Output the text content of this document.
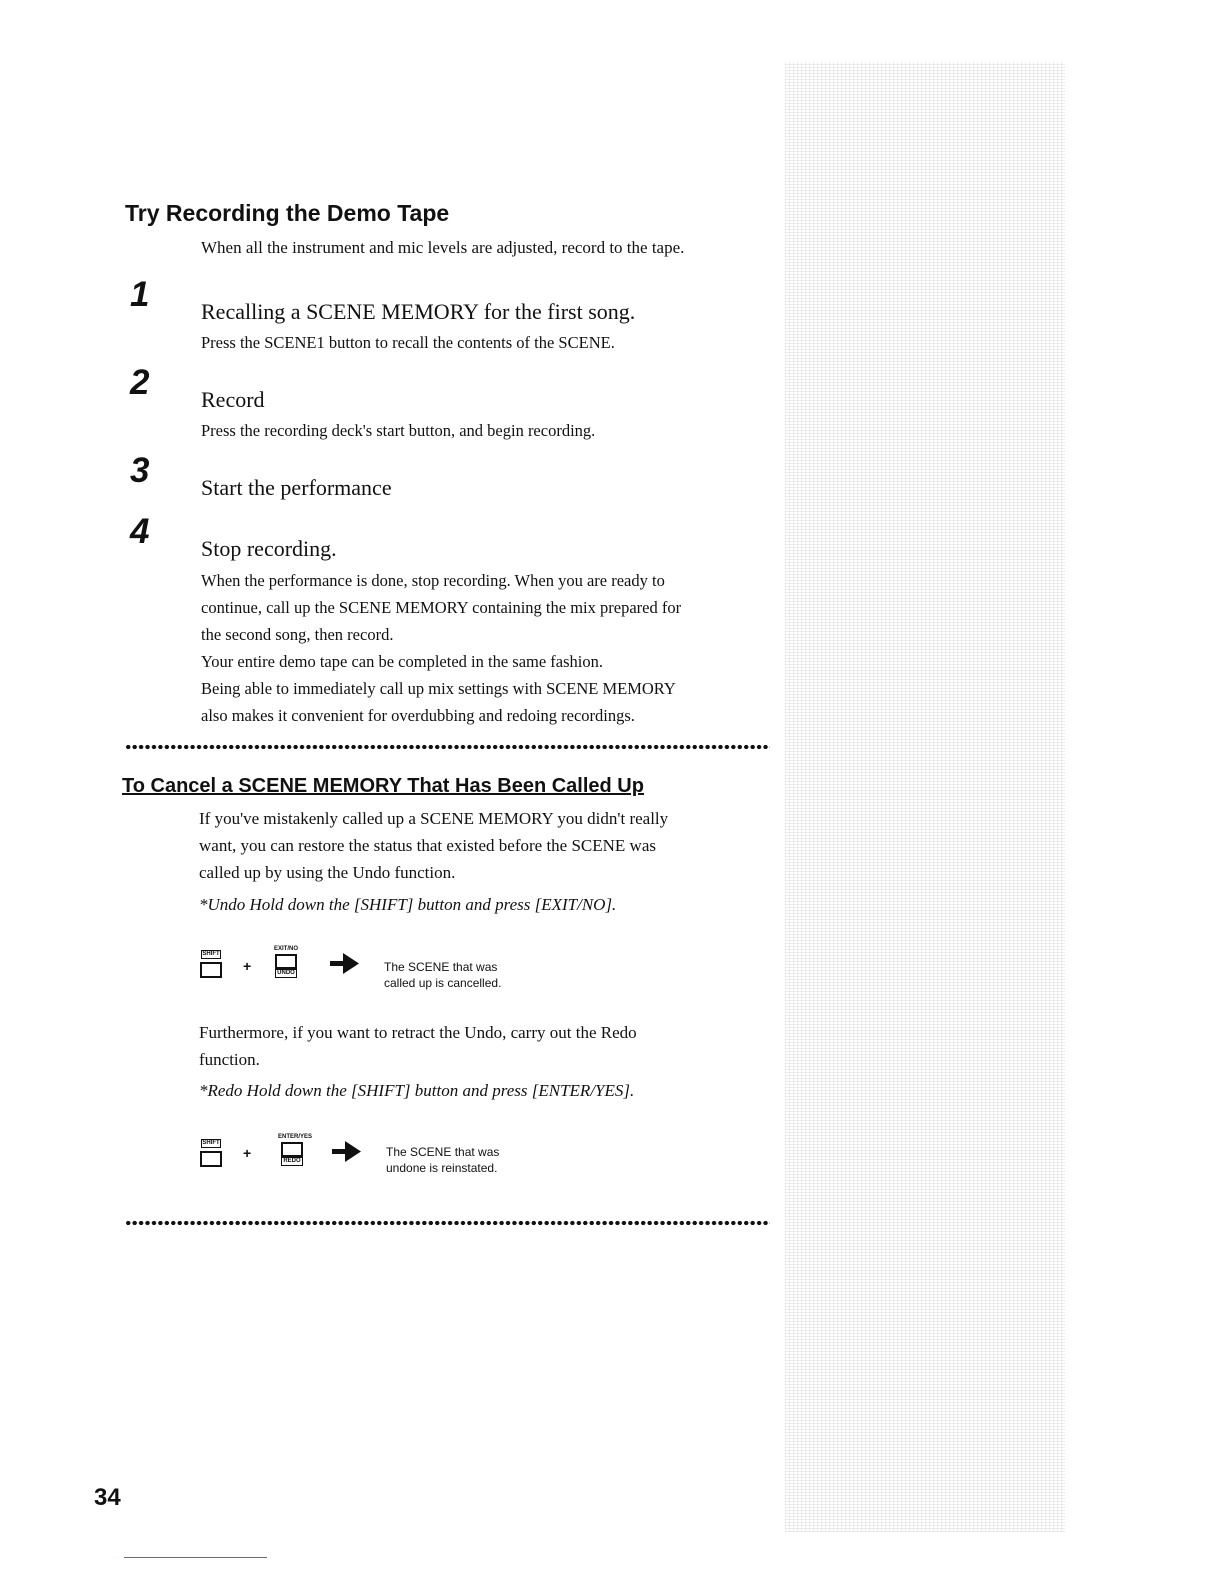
Try Recording the Demo Tape
When all the instrument and mic levels are adjusted, record to the tape.
1 Recalling a SCENE MEMORY for the first song.
Press the SCENE1 button to recall the contents of the SCENE.
2 Record
Press the recording deck's start button, and begin recording.
3 Start the performance
4 Stop recording.
When the performance is done, stop recording. When you are ready to
continue, call up the SCENE MEMORY containing the mix prepared for
the second song, then record.
Your entire demo tape can be completed in the same fashion.
Being able to immediately call up mix settings with SCENE MEMORY
also makes it convenient for overdubbing and redoing recordings.
To Cancel a SCENE MEMORY That Has Been Called Up
If you've mistakenly called up a SCENE MEMORY you didn't really
want, you can restore the status that existed before the SCENE was
called up by using the Undo function.
*Undo Hold down the [SHIFT] button and press [EXIT/NO].
SHIFT
+
EXIT/NO
UNDO	The SCENE that was
called up is cancelled.
Furthermore, if you want to retract the Undo, carry out the Redo
function.
*Redo Hold down the [SHIFT] button and press [ENTER/YES].
SHIFT
+
ENTER/YES
REDO
The SCENE that was
undone is reinstated.
34
